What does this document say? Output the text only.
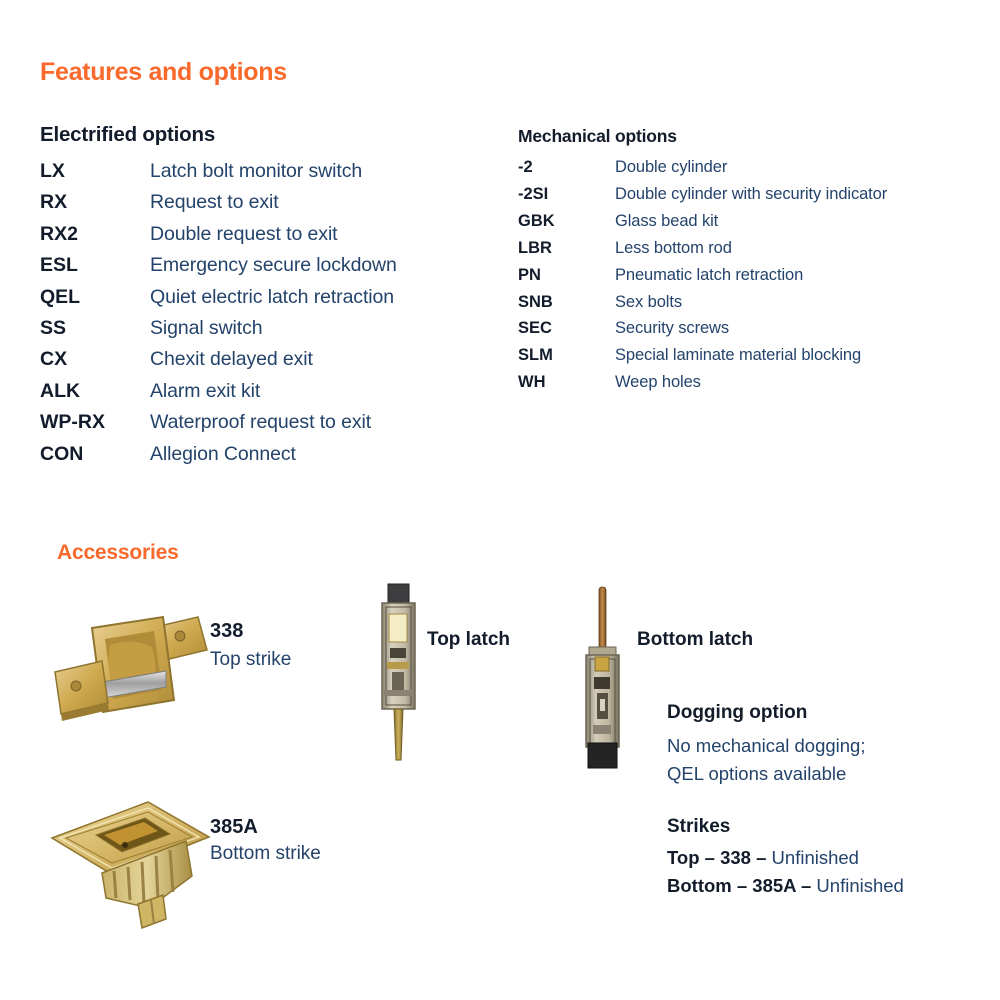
Features and options
Electrified options
LX	Latch bolt monitor switch
RX	Request to exit
RX2	Double request to exit
ESL	Emergency secure lockdown
QEL	Quiet electric latch retraction
SS	Signal switch
CX	Chexit delayed exit
ALK	Alarm exit kit
WP-RX	Waterproof request to exit
CON	Allegion Connect
Mechanical options
-2	Double cylinder
-2SI	Double cylinder with security indicator
GBK	Glass bead kit
LBR	Less bottom rod
PN	Pneumatic latch retraction
SNB	Sex bolts
SEC	Security screws
SLM	Special laminate material blocking
WH	Weep holes
Accessories
338
Top strike
Top latch	Bottom latch
Dogging option
No mechanical dogging;
QEL options available
Strikes
Top – 338 – Unfinished
Bottom – 385A – Unfinished
385A
Bottom strike
